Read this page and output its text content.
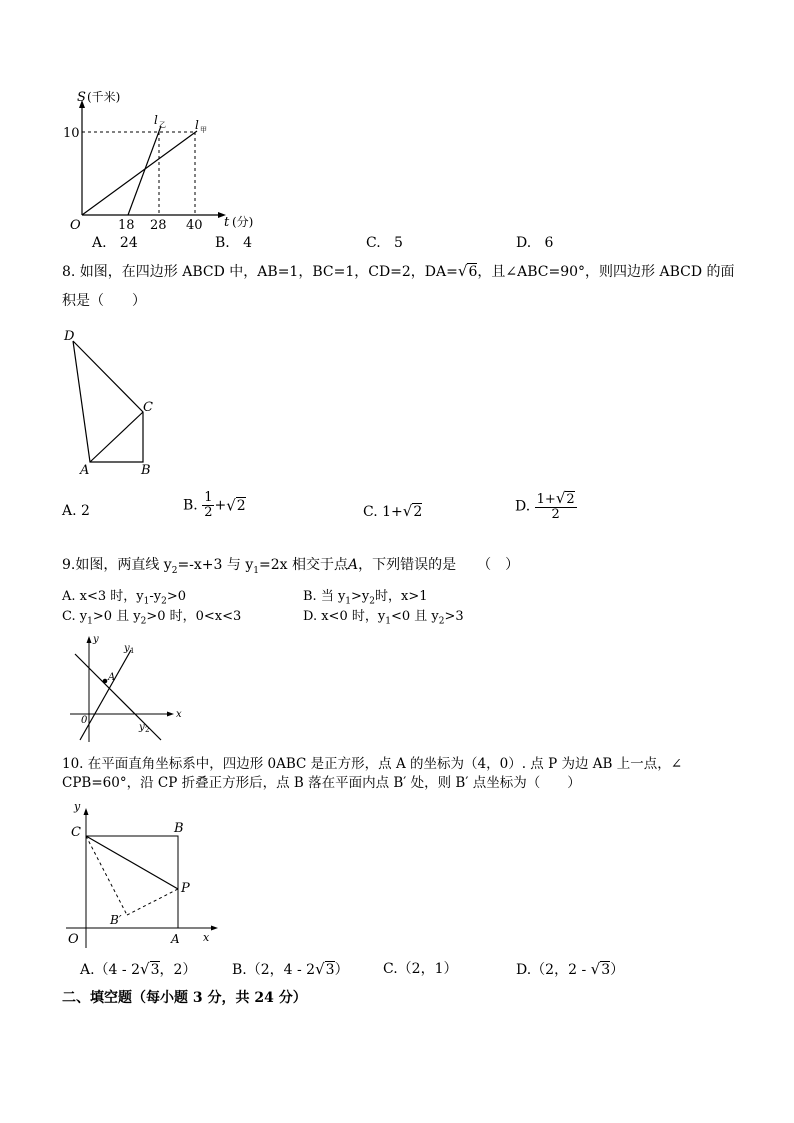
S (千米)
10
O	18 28 40 t (分)
l 乙 l 甲
A. 24	B. 4	C. 5	D. 6
8. 如图，在四边形 ABCD 中，AB=1，BC=1，CD=2，DA=√6，且∠ABC=90°，则四边形 ABCD 的面
积是（　　）
D
C
A	B
A. 2	B. $\frac{1}{2} +√2$	C. 1+√2	D. $\frac{1+√2}{2}$
9.如图，两直线 $y_2=-x+3$ 与 $y_1=2x$ 相交于点A，下列错误的是　　（　）
A. x<3 时，$y_1-y_2>0$	B. 当 $y_1>y_2$时，x>1
C. $y_1>0$ 且 $y_2>0$ 时，0<x<3	D. x<0 时，$y_1<0$ 且 $y_2>3$
y
x
0
A
y 1
y 2
10. 在平面直角坐标系中，四边形 0ABC 是正方形，点 A 的坐标为（4，0）. 点 P 为边 AB 上一点，∠
CPB=60°，沿 CP 折叠正方形后，点 B 落在平面内点 B′ 处，则 B′ 点坐标为（　　）
y
x
C	B
P
B′
O	A
A.（4 - 2√3，2）	B.（2，4 - 2√3） C.（2，1）	D.（2，2 - √3）
二、填空题（每小题 3 分，共 24 分）
